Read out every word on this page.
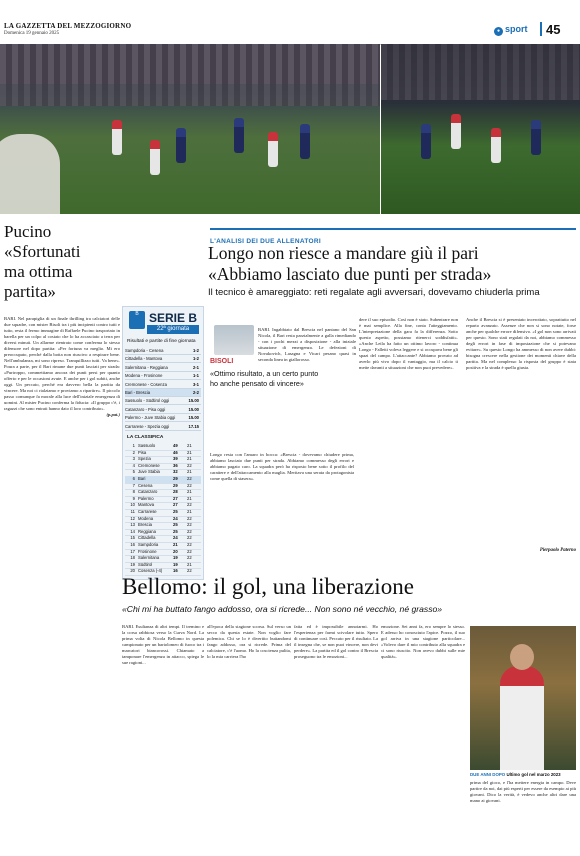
LA GAZZETTA DEL MEZZOGIORNO
Domenica 19 gennaio 2025	● sport	45
Pucino
«Sfortunati
ma ottima
partita»
BARI. Nel parapiglia di un finale thrilling tra calciatori delle due squadre, con mister Bisoli tra i più incipienti contro tutti e tutto, resta il fermo immagine di Raffaele Pucino trasportato in barella per un colpo al costato che lo ha accasciato a terra per diversi minuti. Un allarme rientrato come conferma lo stesso difensore nel dopo partita: «Per fortuna va meglio. Mi ero preoccupato, perché dalla botta non riuscivo a respirare bene. Nell'ambulanza, mi sono ripreso. Tranquillizzo tutti. Va bene». Poura a parte, per il Bari rimane due punti lasciati per strada: «Purtroppo, commettiamo ancora dei punti persi per quanto offerto e per le occasioni avute. E anche per i gol subiti, anche oggi. Un peccato, perché era davvero bella la partita da vincere. Ma noi ci rialziamo e proviamo a ripartire». Il piccolo passo comunque fa morale alla luce dell'iniziale emergenza di uomini. Al mister Pucino conferma la fiducia: «Il gruppo c'è, i ragazzi che sono entrati hanno dato il loro contributo».
(p.pat.)
B SERIE B
22ª giornata
Risultati e partite di fine giornata
Sampdoria - Cesena	1-2
Cittadella - Mantova	1-2
Salernitana - Reggiana	2-1
Modena - Frosinone	1-1
Cremonese - Cosenza	3-1
Bari - Brescia	2-2
Sassuolo - Südtirol oggi	15.00
Catanzaro - Pisa oggi	15.00
Palermo - Juve Stabia oggi	15.00
Carrarese - Spezia oggi	17.15
LA CLASSIFICA
1 Sassuolo	49 21
2 Pisa	46 21
3 Spezia	39 21
4 Cremonese	36 22
5 Juve Stabia	32 21
6 Bari	29 22
7 Cesena	29 22
8 Catanzaro	28 21
9 Palermo	27 21
10 Mantova	27 22
11 Carrarese	25 21
12 Modena	24 22
13 Brescia	25 22
14 Reggiana	25 22
15 Cittadella	24 22
16 Sampdoria	21 22
17 Frosinone	20 22
18 Salernitana	19 22
19 Südtirol	19 21
20 Cosenza (-4)	16 22
L'ANALISI DEI DUE ALLENATORI
Longo non riesce a mandare giù il pari
«Abbiamo lasciato due punti per strada»
Il tecnico è amareggiato: reti regalate agli avversari, dovevamo chiuderla prima
BISOLI
«Ottimo risultato, a un certo punto ho anche pensato di vincere»
BARI. Ingabbiato dal Brescia nel pantano del San Nicola, il Bari resta parzialmente a galla rimediando - con i pochi mezzi a disposizione - alla iniziale situazione di emergenza. Le defezioni di Novakovich, Lasagna e Vicari pesano quasi in seconda linea in giallorosso.
Longo resta con l'amaro in bocca: «Brescia - dovevamo chiudere prima, abbiamo lasciato due punti per strada. Abbiamo commesso degli errori e abbiamo pagato caro. La squadra però ha risposto bene sotto il profilo del carattere e dell'attaccamento alla maglia. Meritava una serata da protagonista come quella di stasera».
dere il suo episodio. Così non è stato. Subentrare non è mai semplice. Alla fine, conta l'atteggiamento. L'interpretazione della gara fa la differenza. Sotto questo aspetto, possiamo ritenerci soddisfatti». «Anche Leila ha fatto un ottimo lavoro - continua Longo - Falletti voleva leggere e si occupava bene gli spazi del campo. L'attaccante? Abbiamo provato ad averlo più vivo dopo il vantaggio, ma il calcio ti mette davanti a situazioni che non puoi prevedere».
Anche il Brescia si è presentato incerottato, soprattutto nel reparto avanzato. Assenze che non si sono notate, forse anche per qualche errore difensivo. «I gol non sono arrivati per questo. Sono stati regalati da noi, abbiamo commesso degli errori in fase di impostazione che si potevano evitare». Su questo Longo ha ammesso di non avere dubbi: bisogna crescere nella gestione dei momenti chiave della partita. Ma nel complesso la risposta del gruppo è stata positiva e la strada è quella giusta.
Pierpaolo Paterno
Bellomo: il gol, una liberazione
«Chi mi ha buttato fango addosso, ora si ricrede... Non sono né vecchio, né grasso»
DUE ANNI DOPO Ultimo gol nel marzo 2023
BARI. Esultanza di altri tempi. Il tremino e la corsa rabbiosa verso la Curva Nord. La prima volta di Nicola Bellomo in questa campionato per un bartolomeo di fuoco tra i marcatori biancorossi. Chiamato a tamponare l'emergenza in attacco, spiega le sue ragioni...
all'epoca della stagione scorsa. Sul verso un secco da questa estate. Non voglio fare polemica. Chi se lo è divertito buttandomi fango addosso, ora si ricrede. Prima del calciatore, c'è l'uomo. Ho la coscienza pulita, lo la mia carriera l'ho
fatta ed è impossibile annoiarmi. Ho l'esperienza per farmi scivolare tutto. Spero di continuare così. Peccato per il risultato. La il insegna che, se non puoi vincere, non devi perdere». La partita ed il gol contro il Brescia proseguono tra le emozioni...
emozione. Sei anni fa, ero sempre lo stesso. E adesso ho conosciuto l'apice. Pozzo, il suo gol arriva in una stagione particolare... «Volevo dare il mio contributo alla squadra e ci sono riuscito. Non avevo dubbi sulle mie qualità».
prima del gioco, e l'ha mettere energia in campo. Deve partire da noi, dai più esperti per essere da esempio ai più giovani. Dico la verità, è vedevo anche altri dare una mano ai giovani.
